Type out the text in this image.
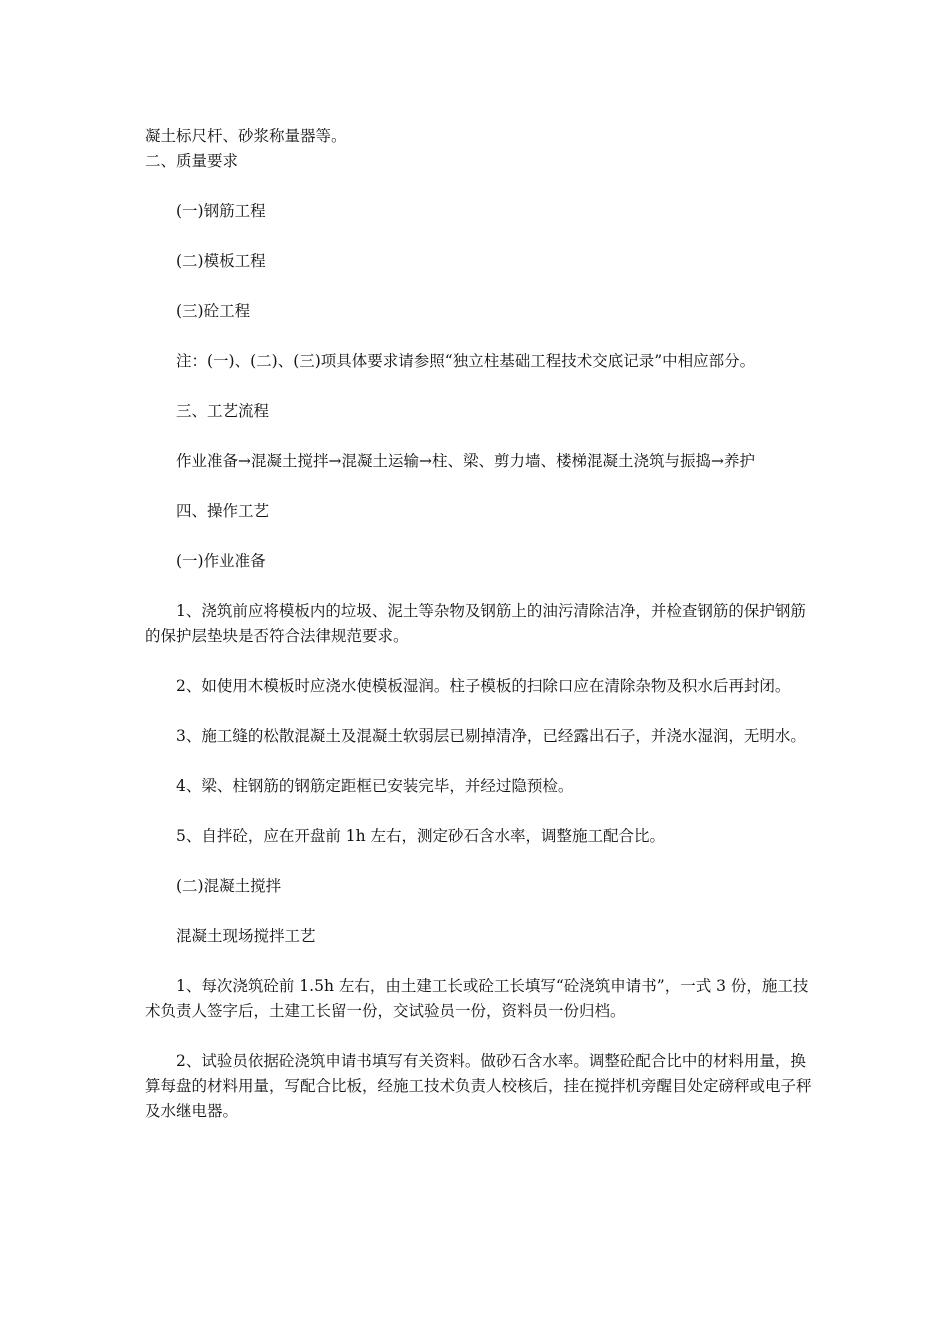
凝土标尺杆、砂浆称量器等。

二、质量要求

(一)钢筋工程

(二)模板工程

(三)砼工程

注：(一)、(二)、(三)项具体要求请参照“独立柱基础工程技术交底记录”中相应部分。

三、工艺流程

作业准备→混凝土搅拌→混凝土运输→柱、梁、剪力墙、楼梯混凝土浇筑与振捣→养护

四、操作工艺

(一)作业准备

1、浇筑前应将模板内的垃圾、泥土等杂物及钢筋上的油污清除洁净，并检查钢筋的保护钢筋的保护层垫块是否符合法律规范要求。

2、如使用木模板时应浇水使模板湿润。柱子模板的扫除口应在清除杂物及积水后再封闭。

3、施工缝的松散混凝土及混凝土软弱层已剔掉清净，已经露出石子，并浇水湿润，无明水。

4、梁、柱钢筋的钢筋定距框已安装完毕，并经过隐预检。

5、自拌砼，应在开盘前 1h 左右，测定砂石含水率，调整施工配合比。

(二)混凝土搅拌

混凝土现场搅拌工艺

1、每次浇筑砼前 1.5h 左右，由土建工长或砼工长填写“砼浇筑申请书”，一式 3 份，施工技术负责人签字后，土建工长留一份，交试验员一份，资料员一份归档。

2、试验员依据砼浇筑申请书填写有关资料。做砂石含水率。调整砼配合比中的材料用量，换算每盘的材料用量，写配合比板，经施工技术负责人校核后，挂在搅拌机旁醒目处定磅秤或电子秤及水继电器。
